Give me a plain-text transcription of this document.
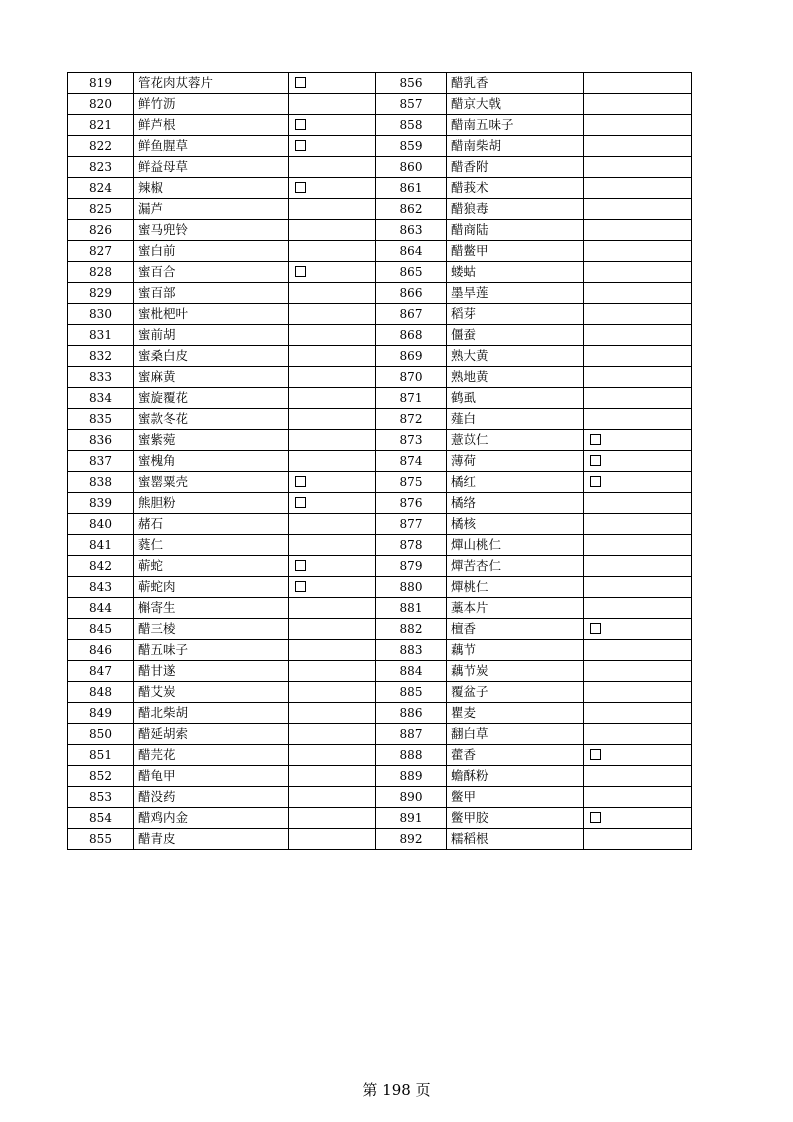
819	管花肉苁蓉片		856	醋乳香	
820	鲜竹沥		857	醋京大戟	
821	鲜芦根		858	醋南五味子	
822	鲜鱼腥草		859	醋南柴胡	
823	鲜益母草		860	醋香附	
824	辣椒		861	醋莪术	
825	漏芦		862	醋狼毒	
826	蜜马兜铃		863	醋商陆	
827	蜜白前		864	醋鳖甲	
828	蜜百合		865	蝼蛄	
829	蜜百部		866	墨旱莲	
830	蜜枇杷叶		867	稻芽	
831	蜜前胡		868	僵蚕	
832	蜜桑白皮		869	熟大黄	
833	蜜麻黄		870	熟地黄	
834	蜜旋覆花		871	鹤虱	
835	蜜款冬花		872	薤白	
836	蜜紫菀		873	薏苡仁	
837	蜜槐角		874	薄荷	
838	蜜罂粟壳		875	橘红	
839	熊胆粉		876	橘络	
840	赭石		877	橘核	
841	蕤仁		878	燀山桃仁	
842	蕲蛇		879	燀苦杏仁	
843	蕲蛇肉		880	燀桃仁	
844	槲寄生		881	藁本片	
845	醋三棱		882	檀香	
846	醋五味子		883	藕节	
847	醋甘遂		884	藕节炭	
848	醋艾炭		885	覆盆子	
849	醋北柴胡		886	瞿麦	
850	醋延胡索		887	翻白草	
851	醋芫花		888	藿香	
852	醋龟甲		889	蟾酥粉	
853	醋没药		890	鳖甲	
854	醋鸡内金		891	鳖甲胶	
855	醋青皮		892	糯稻根	
第 198 页
